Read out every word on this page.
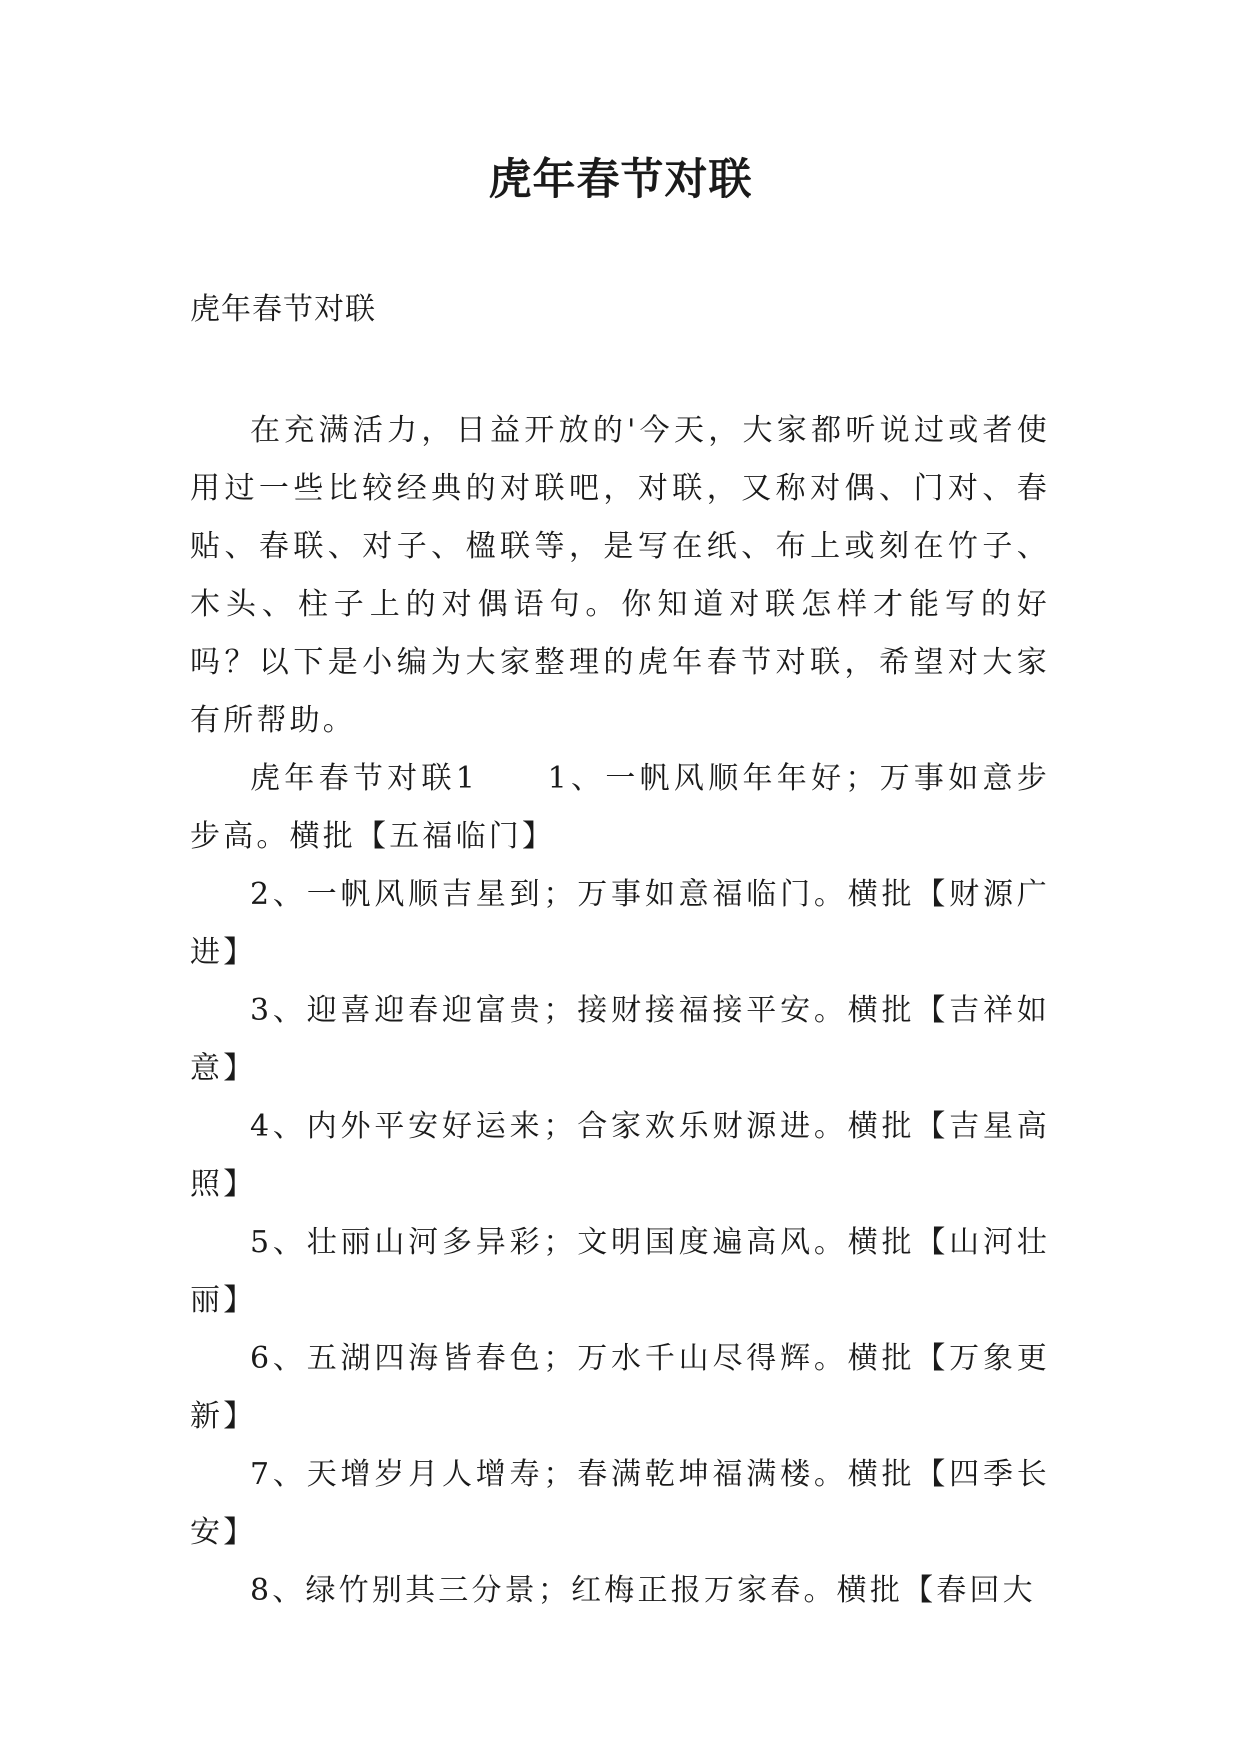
虎年春节对联

虎年春节对联

在充满活力，日益开放的'今天，大家都听说过或者使用过一些比较经典的对联吧，对联，又称对偶、门对、春贴、春联、对子、楹联等，是写在纸、布上或刻在竹子、木头、柱子上的对偶语句。你知道对联怎样才能写的好吗？以下是小编为大家整理的虎年春节对联，希望对大家有所帮助。

虎年春节对联1　　1、一帆风顺年年好；万事如意步步高。横批【五福临门】

2、一帆风顺吉星到；万事如意福临门。横批【财源广进】

3、迎喜迎春迎富贵；接财接福接平安。横批【吉祥如意】

4、内外平安好运来；合家欢乐财源进。横批【吉星高照】

5、壮丽山河多异彩；文明国度遍高风。横批【山河壮丽】

6、五湖四海皆春色；万水千山尽得辉。横批【万象更新】

7、天增岁月人增寿；春满乾坤福满楼。横批【四季长安】

8、绿竹别其三分景；红梅正报万家春。横批【春回大
